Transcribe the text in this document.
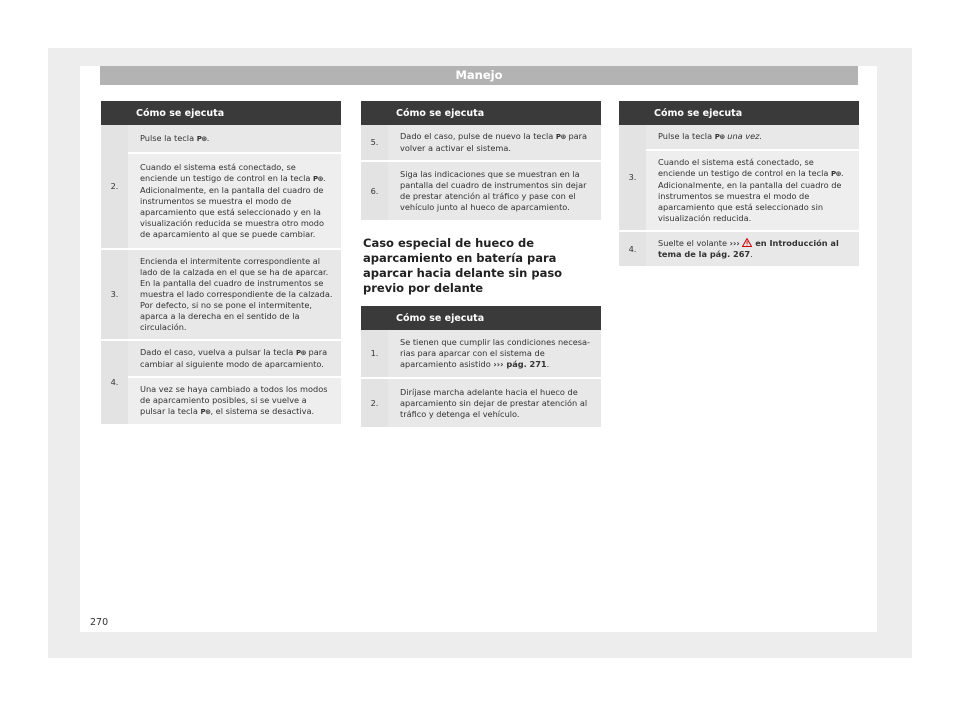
Manejo
	Cómo se ejecuta
2.	Pulse la tecla P⊛.
	Cuando el sistema está conectado, se enciende un testigo de control en la tecla P⊛. Adicionalmente, en la pantalla del cuadro de instrumentos se muestra el modo de aparcamiento que está seleccionado y en la visualización reducida se muestra otro modo de aparcamiento al que se puede cambiar.
3.	Encienda el intermitente correspondiente al lado de la calzada en el que se ha de aparcar. En la pantalla del cuadro de instrumentos se muestra el lado correspondiente de la calzada. Por defecto, si no se pone el intermitente, aparca a la derecha en el sentido de la circulación.
4.	Dado el caso, vuelva a pulsar la tecla P⊛ para cambiar al siguiente modo de aparcamiento.
	Una vez se haya cambiado a todos los modos de aparcamiento posibles, si se vuelve a pulsar la tecla P⊛, el sistema se desactiva.
	Cómo se ejecuta
5.	Dado el caso, pulse de nuevo la tecla P⊛ para volver a activar el sistema.
6.	Siga las indicaciones que se muestran en la pantalla del cuadro de instrumentos sin dejar de prestar atención al tráfico y pase con el vehículo junto al hueco de aparcamiento.
Caso especial de hueco de aparcamiento en batería para aparcar hacia delante sin paso previo por delante
	Cómo se ejecuta
1.	Se tienen que cumplir las condiciones necesarias para aparcar con el sistema de aparcamiento asistido ››› pág. 271.
2.	Diríjase marcha adelante hacia el hueco de aparcamiento sin dejar de prestar atención al tráfico y detenga el vehículo.
	Cómo se ejecuta
3.	Pulse la tecla P⊛ una vez.
	Cuando el sistema está conectado, se enciende un testigo de control en la tecla P⊛. Adicionalmente, en la pantalla del cuadro de instrumentos se muestra el modo de aparcamiento que está seleccionado sin visualización reducida.
4.	Suelte el volante ›››  en Introducción al tema de la pág. 267.
270
